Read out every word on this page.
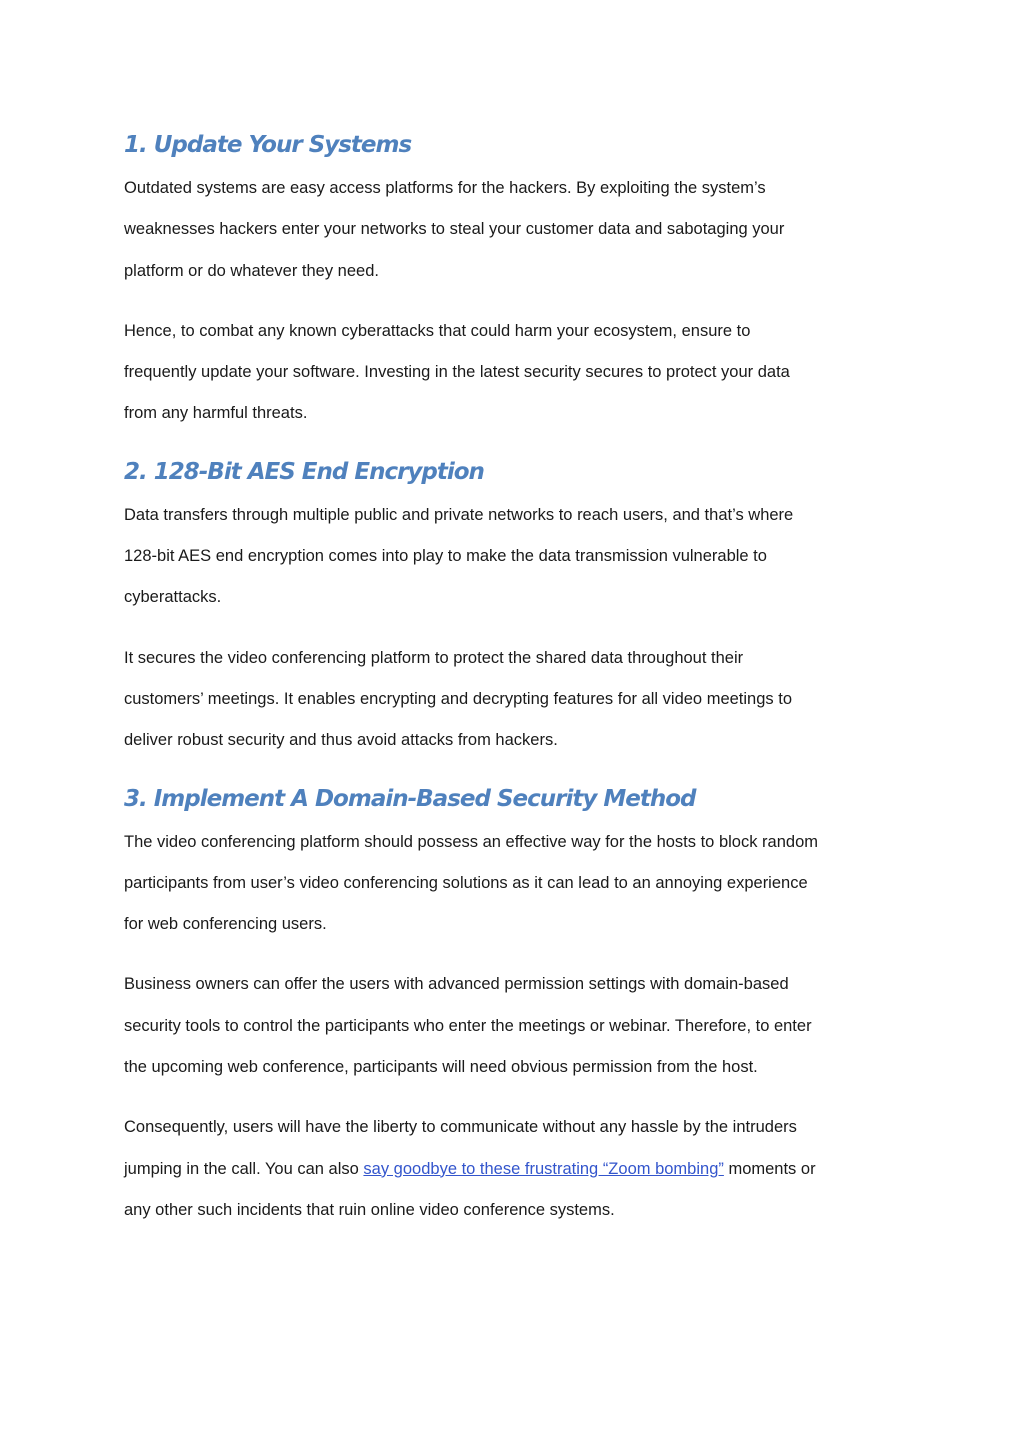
1. Update Your Systems

Outdated systems are easy access platforms for the hackers. By exploiting the system’s
weaknesses hackers enter your networks to steal your customer data and sabotaging your
platform or do whatever they need.

Hence, to combat any known cyberattacks that could harm your ecosystem, ensure to
frequently update your software. Investing in the latest security secures to protect your data
from any harmful threats.

2. 128-Bit AES End Encryption

Data transfers through multiple public and private networks to reach users, and that’s where
128-bit AES end encryption comes into play to make the data transmission vulnerable to
cyberattacks.

It secures the video conferencing platform to protect the shared data throughout their
customers’ meetings. It enables encrypting and decrypting features for all video meetings to
deliver robust security and thus avoid attacks from hackers.

3. Implement A Domain-Based Security Method

The video conferencing platform should possess an effective way for the hosts to block random
participants from user’s video conferencing solutions as it can lead to an annoying experience
for web conferencing users.

Business owners can offer the users with advanced permission settings with domain-based
security tools to control the participants who enter the meetings or webinar. Therefore, to enter
the upcoming web conference, participants will need obvious permission from the host.

Consequently, users will have the liberty to communicate without any hassle by the intruders
jumping in the call. You can also say goodbye to these frustrating “Zoom bombing” moments or
any other such incidents that ruin online video conference systems.
